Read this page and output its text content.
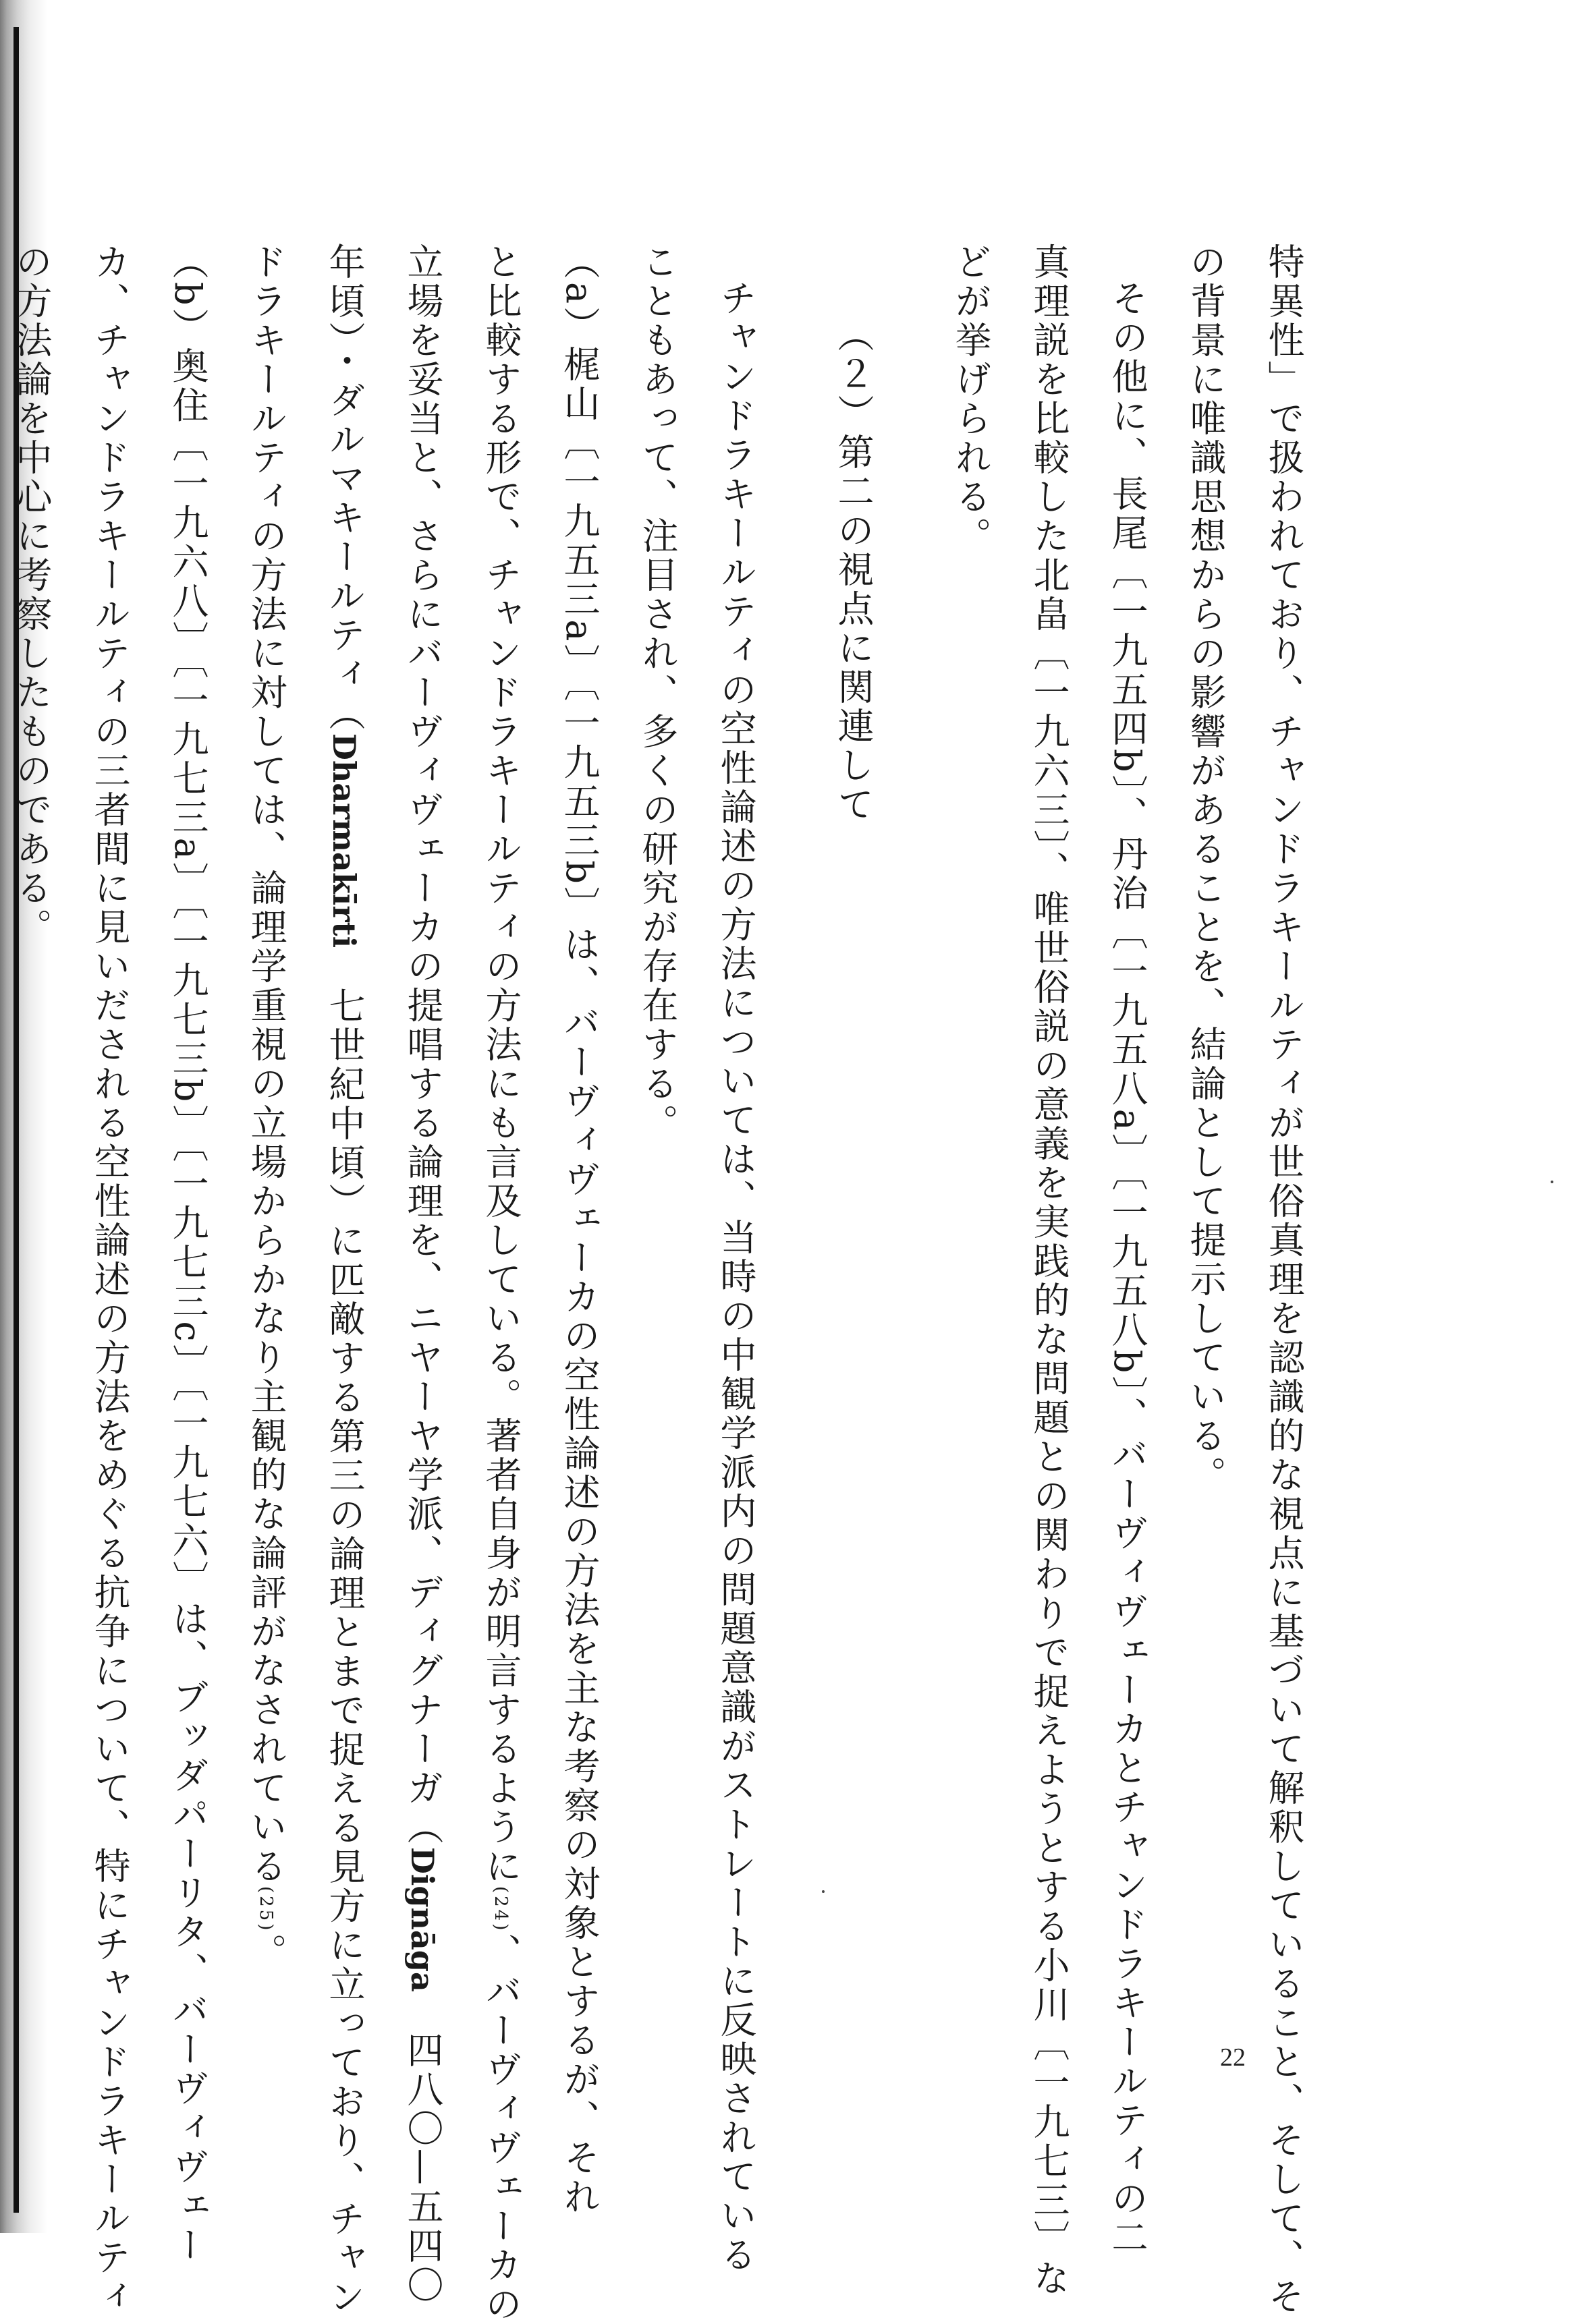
特異性」で扱われており、チャンドラキールティが世俗真理を認識的な視点に基づいて解釈していること、そして、そ
の背景に唯識思想からの影響があることを、結論として提示している。
その他に、長尾〔一九五四b〕、丹治〔一九五八a〕〔一九五八b〕、バーヴィヴェーカとチャンドラキールティの二
真理説を比較した北畠〔一九六三〕、唯世俗説の意義を実践的な問題との関わりで捉えようとする小川〔一九七三〕な
どが挙げられる。
（２）第二の視点に関連して
チャンドラキールティの空性論述の方法については、当時の中観学派内の問題意識がストレートに反映されている
こともあって、注目され、多くの研究が存在する。
（a）梶山〔一九五三a〕〔一九五三b〕は、バーヴィヴェーカの空性論述の方法を主な考察の対象とするが、それ
と比較する形で、チャンドラキールティの方法にも言及している。著者自身が明言するように(24)、バーヴィヴェーカの
立場を妥当と、さらにバーヴィヴェーカの提唱する論理を、ニヤーヤ学派、ディグナーガ（Dignāga　四八〇—五四〇
年頃）・ダルマキールティ（Dharmakīrti　七世紀中頃）に匹敵する第三の論理とまで捉える見方に立っており、チャン
ドラキールティの方法に対しては、論理学重視の立場からかなり主観的な論評がなされている(25)。
（b）奥住〔一九六八〕〔一九七三a〕〔一九七三b〕〔一九七三c〕〔一九七六〕は、ブッダパーリタ、バーヴィヴェー
カ、チャンドラキールティの三者間に見いだされる空性論述の方法をめぐる抗争について、特にチャンドラキールティ
の方法論を中心に考察したものである。
22
